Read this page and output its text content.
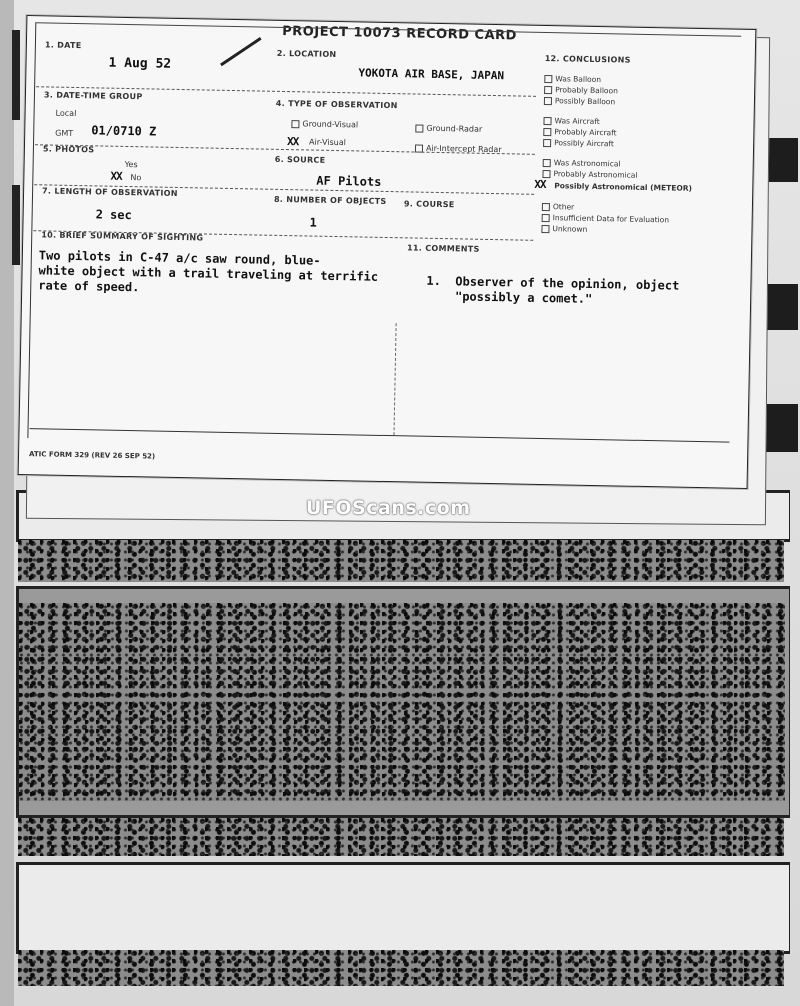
PROJECT 10073 RECORD CARD
1. DATE
1 Aug 52
2. LOCATION
YOKOTA AIR BASE, JAPAN
12. CONCLUSIONS
3. DATE-TIME GROUP
Local
GMT 01/0710 Z
4. TYPE OF OBSERVATION
Ground-Visual	Ground-Radar
XX Air-Visual
Air-Intercept Radar
5. PHOTOS
Yes
XX No
6. SOURCE
AF Pilots
7. LENGTH OF OBSERVATION
2 sec
8. NUMBER OF OBJECTS
1
9. COURSE
10. BRIEF SUMMARY OF SIGHTING
11. COMMENTS
Two pilots in C-47 a/c saw round, blue-
white object with a trail traveling at terrific
rate of speed.	1.  Observer of the opinion, object
"possibly a comet."
Was Balloon
Probably Balloon
Possibly Balloon
Was Aircraft
Probably Aircraft
Possibly Aircraft
Was Astronomical
Probably Astronomical
XX Possibly Astronomical (METEOR)
Other
Insufficient Data for Evaluation
Unknown
ATIC FORM 329 (REV 26 SEP 52)
UFOScans.com
